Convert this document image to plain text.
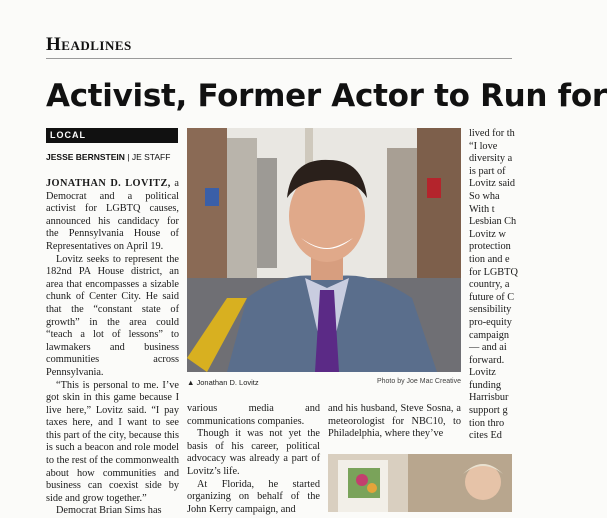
Headlines
Activist, Former Actor to Run for
LOCAL
JESSE BERNSTEIN | JE STAFF

JONATHAN D. LOVITZ, a Democrat and a political activist for LGBTQ causes, announced his candidacy for the Pennsylvania House of Representatives on April 19.

Lovitz seeks to represent the 182nd PA House district, an area that encompasses a sizable chunk of Center City. He said that the “constant state of growth” in the area could “teach a lot of lessons” to lawmakers and business communities across Pennsylvania.

“This is personal to me. I’ve got skin in this game because I live here,” Lovitz said. “I pay taxes here, and I want to see this part of the city, because this is such a beacon and role model to the rest of the commonwealth about how communities and business can coexist side by side and grow together.”

Democrat Brian Sims has

▲ Jonathan D. Lovitz	Photo by Joe Mac Creative

various media and communications companies.

Though it was not yet the basis of his career, political advocacy was already a part of Lovitz’s life.

At Florida, he started organizing on behalf of the John Kerry campaign, and

and his husband, Steve Sosna, a meteorologist for NBC10, to Philadelphia, where they’ve

lived for th
“I love
diversity a
is part of
Lovitz said
So wha
With t
Lesbian Ch
Lovitz w
protection
tion and e
for LGBTQ
country, a
future of C
sensibility
pro-equity
campaign
— and ai
forward.
Lovitz
funding
Harrisbur
support g
tion thro
cites Ed
